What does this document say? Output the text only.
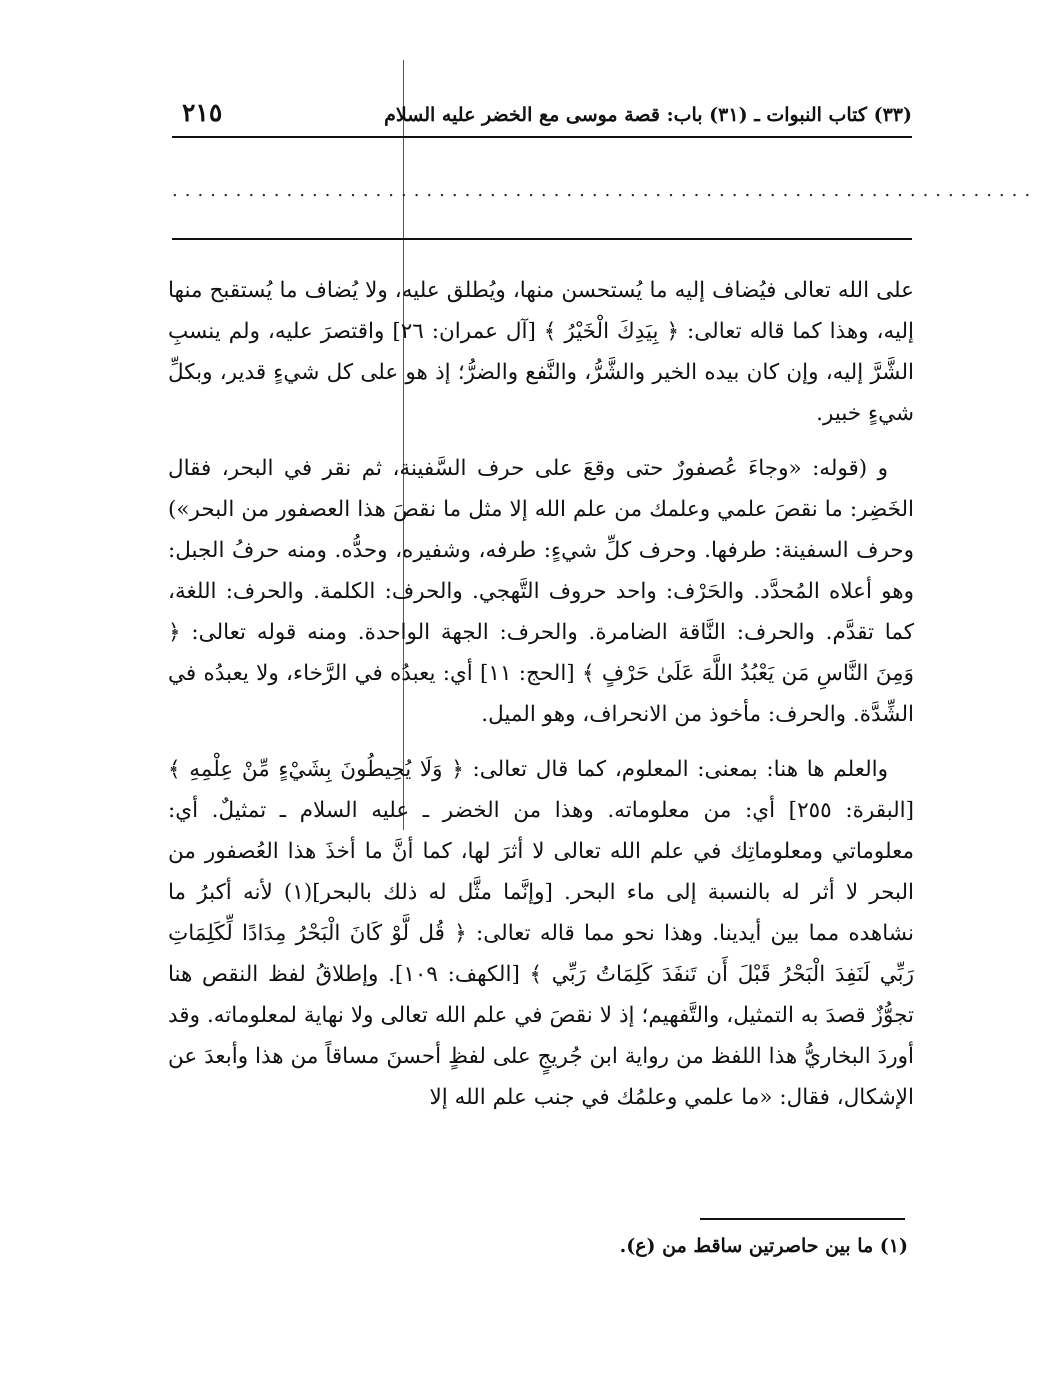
(٣٣) كتاب النبوات ـ (٣١) باب: قصة موسى مع الخضر عليه السلام
٢١٥
....................................................................

على الله تعالى فيُضاف إليه ما يُستحسن منها، ويُطلق عليه، ولا يُضاف ما يُستقبح منها إليه، وهذا كما قاله تعالى: ﴿ بِيَدِكَ الْخَيْرُ ﴾ [آل عمران: ٢٦] واقتصرَ عليه، ولم ينسبِ الشَّرَّ إليه، وإن كان بيده الخير والشَّرُّ، والنَّفع والضرُّ؛ إذ هو على كل شيءٍ قدير، وبكلِّ شيءٍ خبير.

و (قوله: «وجاءَ عُصفورٌ حتى وقعَ على حرف السَّفينة، ثم نقر في البحر، فقال الخَضِر: ما نقصَ علمي وعلمك من علم الله إلا مثل ما نقصَ هذا العصفور من البحر») وحرف السفينة: طرفها. وحرف كلِّ شيءٍ: طرفه، وشفيره، وحدُّه. ومنه حرفُ الجبل: وهو أعلاه المُحدَّد. والحَرْف: واحد حروف التَّهجي. والحرف: الكلمة. والحرف: اللغة، كما تقدَّم. والحرف: النَّاقة الضامرة. والحرف: الجهة الواحدة. ومنه قوله تعالى: ﴿ وَمِنَ النَّاسِ مَن يَعْبُدُ اللَّهَ عَلَىٰ حَرْفٍ ﴾ [الحج: ١١] أي: يعبدُه في الرَّخاء، ولا يعبدُه في الشِّدَّة. والحرف: مأخوذ من الانحراف، وهو الميل.

والعلم ها هنا: بمعنى: المعلوم، كما قال تعالى: ﴿ وَلَا يُحِيطُونَ بِشَيْءٍ مِّنْ عِلْمِهِ ﴾ [البقرة: ٢٥٥] أي: من معلوماته. وهذا من الخضر ـ عليه السلام ـ تمثيلٌ. أي: معلوماتي ومعلوماتِك في علم الله تعالى لا أثرَ لها، كما أنَّ ما أخذَ هذا العُصفور من البحر لا أثر له بالنسبة إلى ماء البحر. [وإنَّما مثَّل له ذلك بالبحر](١) لأنه أكبرُ ما نشاهده مما بين أيدينا. وهذا نحو مما قاله تعالى: ﴿ قُل لَّوْ كَانَ الْبَحْرُ مِدَادًا لِّكَلِمَاتِ رَبِّي لَنَفِدَ الْبَحْرُ قَبْلَ أَن تَنفَدَ كَلِمَاتُ رَبِّي ﴾ [الكهف: ١٠٩]. وإطلاقُ لفظ النقص هنا تجوُّزٌ قصدَ به التمثيل، والتَّفهيم؛ إذ لا نقصَ في علم الله تعالى ولا نهاية لمعلوماته. وقد أوردَ البخاريُّ هذا اللفظ من رواية ابن جُريجٍ على لفظٍ أحسنَ مساقاً من هذا وأبعدَ عن الإشكال، فقال: «ما علمي وعلمُك في جنب علم الله إلا

(١) ما بين حاصرتين ساقط من (ع).
